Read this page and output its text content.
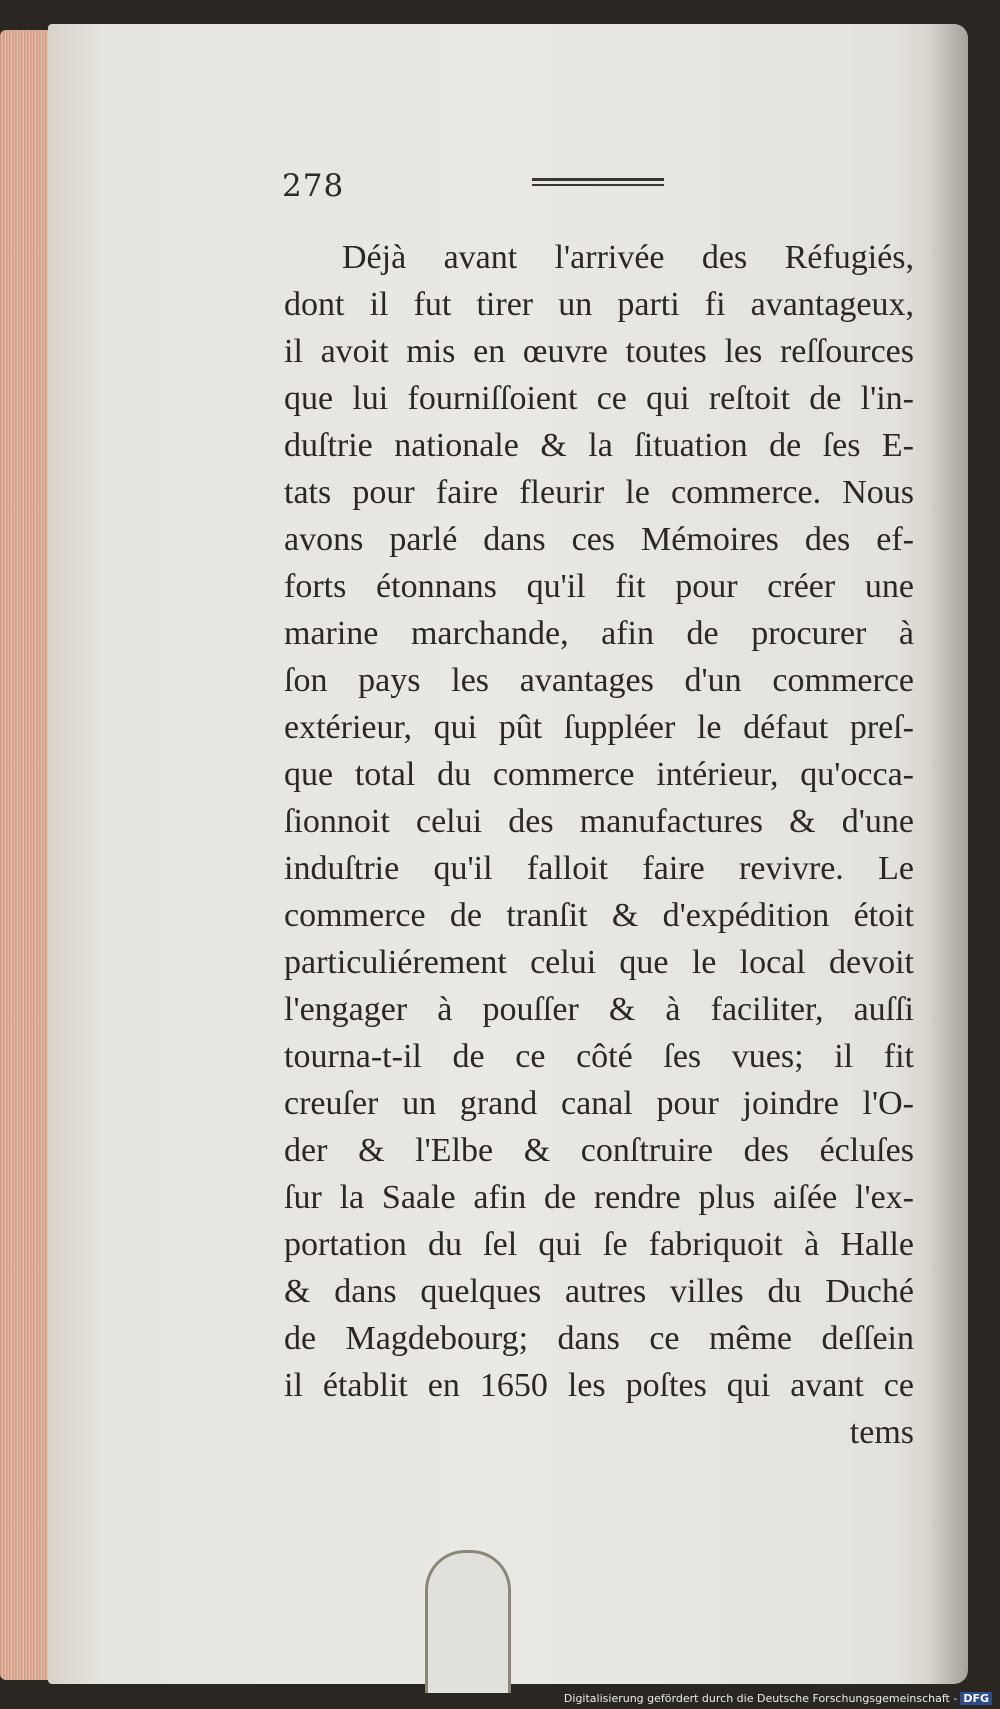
278
Déjà avant l'arrivée des Réfugiés,
dont il fut tirer un parti fi avantageux,
il avoit mis en œuvre toutes les reſſources
que lui fourniſſoient ce qui reſtoit de l'in-
duſtrie nationale & la ſituation de ſes E-
tats pour faire fleurir le commerce. Nous
avons parlé dans ces Mémoires des ef-
forts étonnans qu'il fit pour créer une
marine marchande, afin de procurer à
ſon pays les avantages d'un commerce
extérieur, qui pût ſuppléer le défaut preſ-
que total du commerce intérieur, qu'occa-
ſionnoit celui des manufactures & d'une
induſtrie qu'il falloit faire revivre. Le
commerce de tranſit & d'expédition étoit
particuliérement celui que le local devoit
l'engager à pouſſer & à faciliter, auſſi
tourna-t-il de ce côté ſes vues; il fit
creuſer un grand canal pour joindre l'O-
der & l'Elbe & conſtruire des écluſes
ſur la Saale afin de rendre plus aiſée l'ex-
portation du ſel qui ſe fabriquoit à Halle
& dans quelques autres villes du Duché
de Magdebourg; dans ce même deſſein
il établit en 1650 les poſtes qui avant ce
tems
Digitalisierung gefördert durch die Deutsche Forschungsgemeinschaft - DFG
